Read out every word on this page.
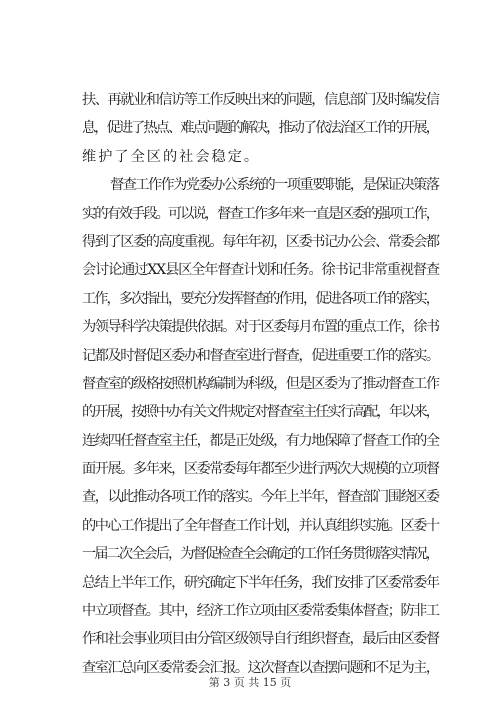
扶、再就业和信访等工作反映出来的问题，信息部门及时编发信
息，促进了热点、难点问题的解决，推动了依法治区工作的开展，
维护了全区的社会稳定。
督查工作作为党委办公系统的一项重要职能，是保证决策落
实的有效手段。可以说，督查工作多年来一直是区委的强项工作，
得到了区委的高度重视。每年年初，区委书记办公会、常委会都
会讨论通过XX县区全年督查计划和任务。徐书记非常重视督查
工作，多次指出，要充分发挥督查的作用，促进各项工作的落实，
为领导科学决策提供依据。对于区委每月布置的重点工作，徐书
记都及时督促区委办和督查室进行督查，促进重要工作的落实。
督查室的级格按照机构编制为科级，但是区委为了推动督查工作
的开展，按照中办有关文件规定对督查室主任实行高配，年以来，
连续四任督查室主任，都是正处级，有力地保障了督查工作的全
面开展。多年来，区委常委每年都至少进行两次大规模的立项督
查，以此推动各项工作的落实。今年上半年，督查部门围绕区委
的中心工作提出了全年督查工作计划，并认真组织实施。区委十
一届二次全会后，为督促检查全会确定的工作任务贯彻落实情况，
总结上半年工作，研究确定下半年任务，我们安排了区委常委年
中立项督查。其中，经济工作立项由区委常委集体督查；防非工
作和社会事业项目由分管区级领导自行组织督查，最后由区委督
查室汇总向区委常委会汇报。这次督查以查摆问题和不足为主，
第 3 页 共 15 页
